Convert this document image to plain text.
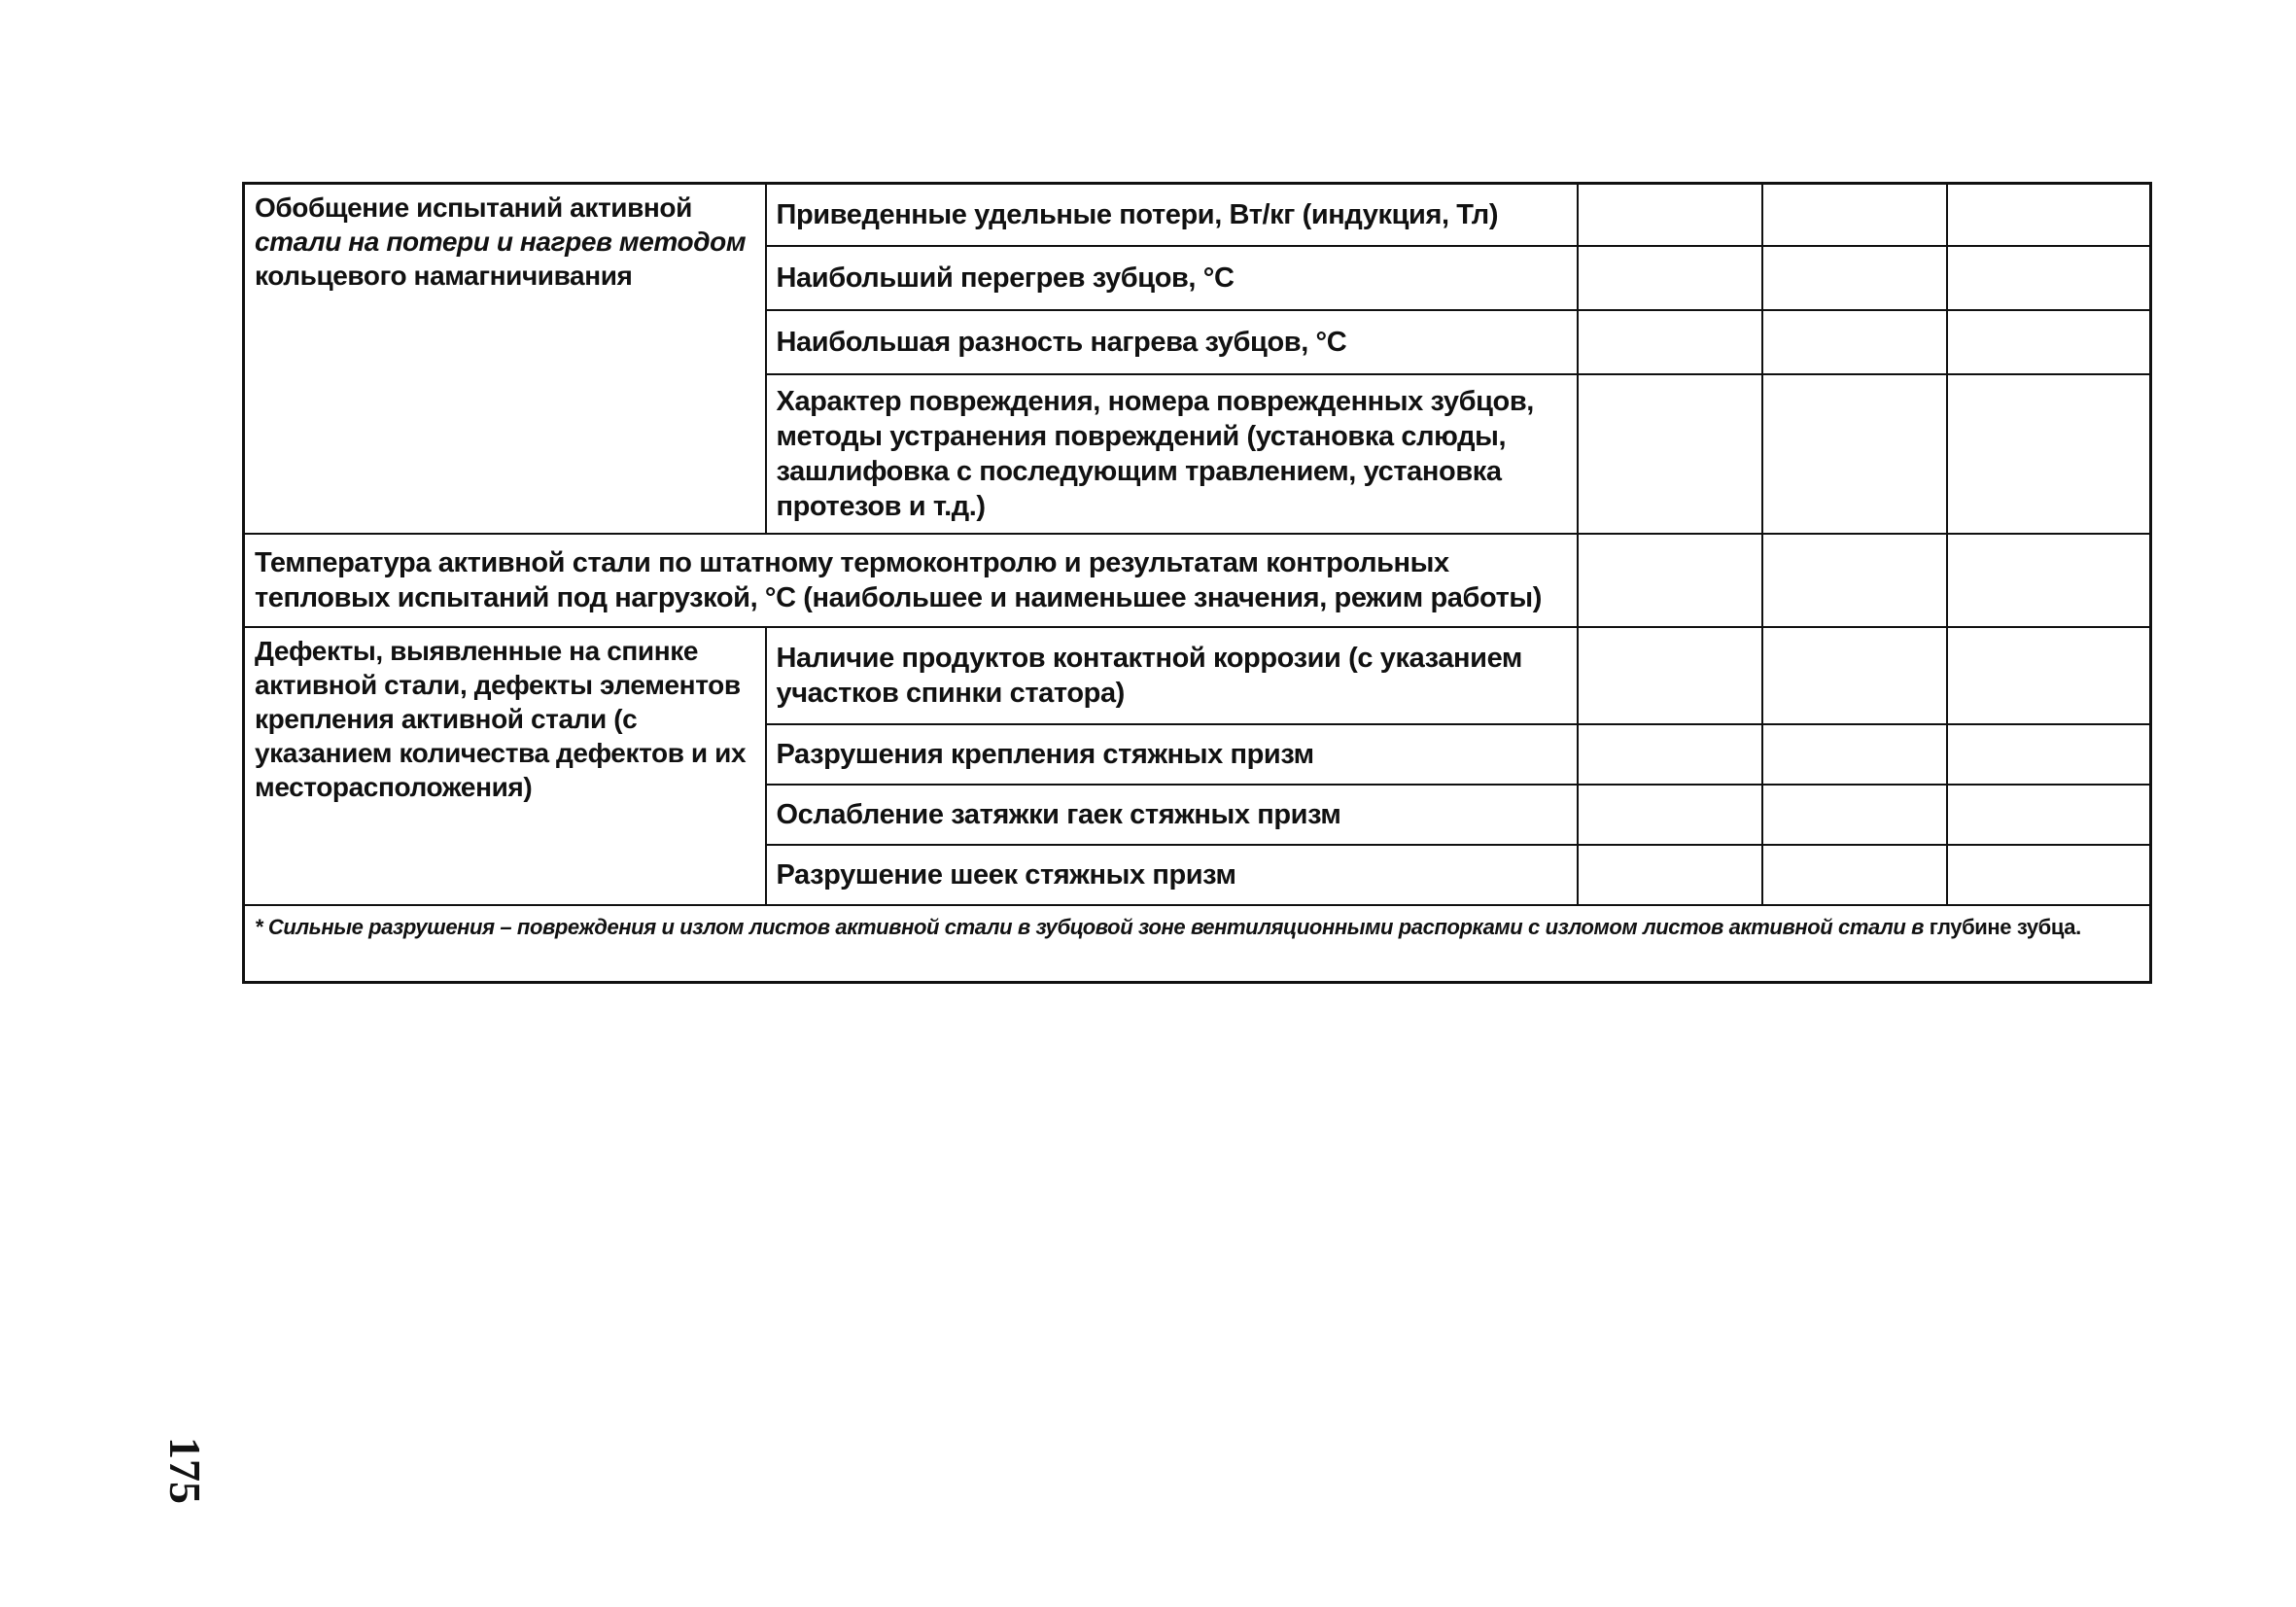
Обобщение испытаний активной
стали на потери и нагрев методом
кольцевого намагничивания	Приведенные удельные потери, Вт/кг (индукция, Тл)			
	Наибольший перегрев зубцов, °С			
	Наибольшая разность нагрева зубцов, °С			
	Характер повреждения, номера поврежденных зубцов, методы устранения повреждений (установка слюды, зашлифовка с последующим травлением, установка протезов и т.д.)			
Температура активной стали по штатному термоконтролю и результатам контрольных тепловых испытаний под нагрузкой, °С (наибольшее и наименьшее значения, режим работы)				
Дефекты, выявленные на спинке активной стали, дефекты элементов крепления активной стали (с указанием количества дефектов и их месторасположения)	Наличие продуктов контактной коррозии (с указанием участков спинки статора)			
	Разрушения крепления стяжных призм			
	Ослабление затяжки гаек стяжных призм			
	Разрушение шеек стяжных призм			
* Сильные разрушения – повреждения и излом листов активной стали в зубцовой зоне вентиляционными распорками с изломом листов активной стали в глубине зубца.				
175
